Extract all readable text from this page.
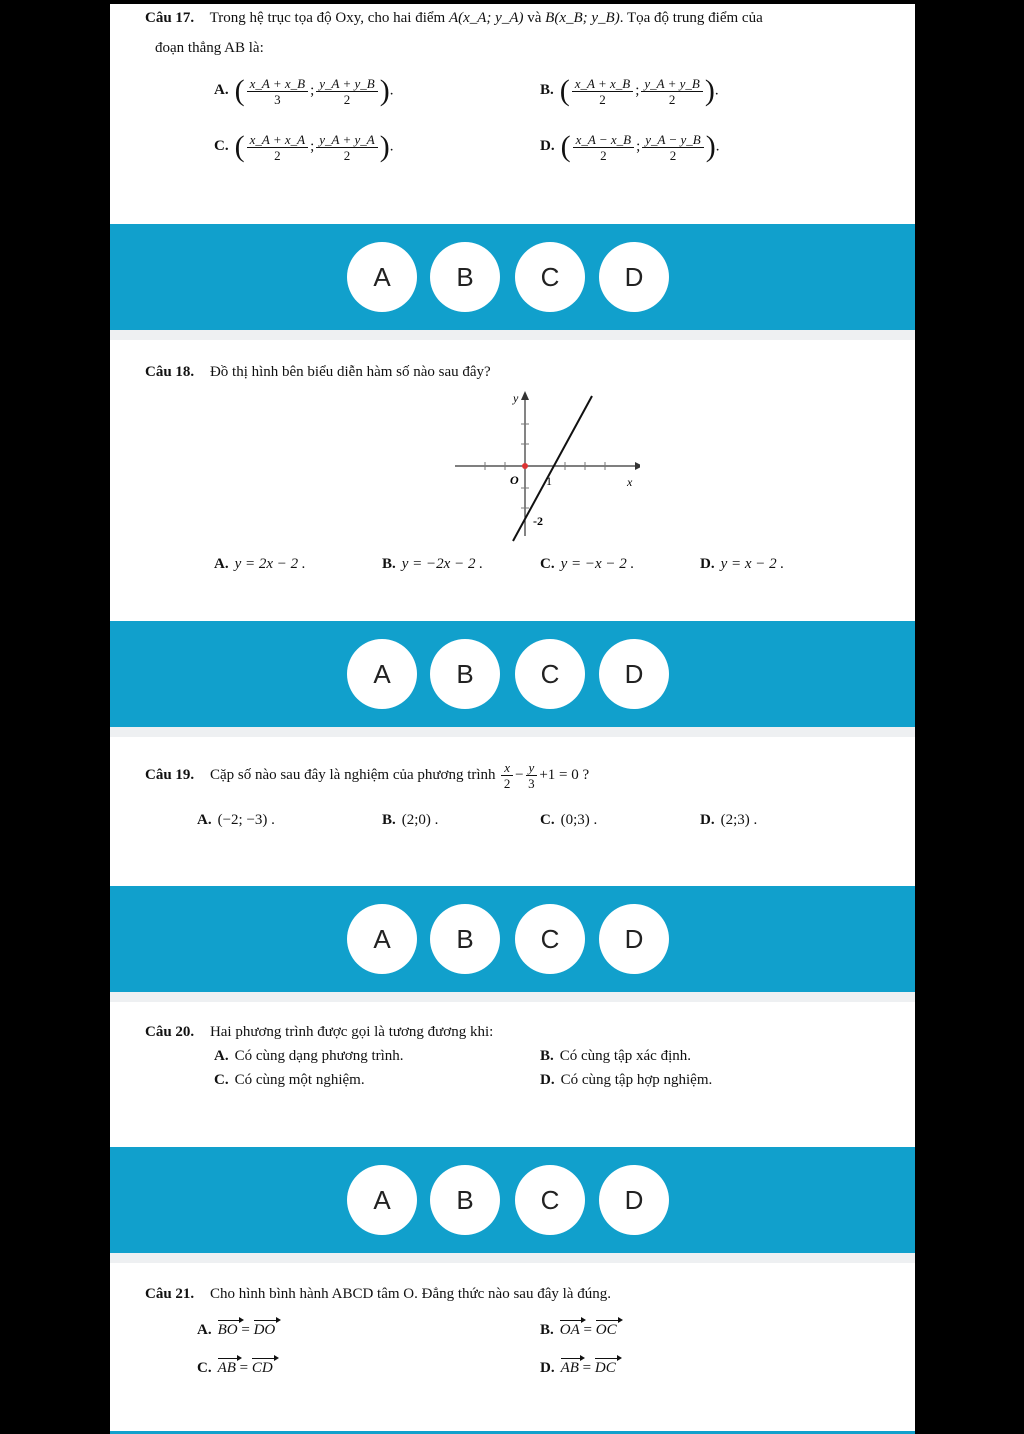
Câu 17. Trong hệ trục tọa độ Oxy, cho hai điểm A(x_A; y_A) và B(x_B; y_B). Tọa độ trung điểm của
đoạn thẳng AB là:
A. ( $\frac{x\_A + x\_B}{3}$ ; $\frac{y\_A + y\_B}{2}$ ).	B. ( $\frac{x\_A + x\_B}{2}$ ; $\frac{y\_A + y\_B}{2}$ ).
C. ( $\frac{x\_A + x\_A}{2}$ ; $\frac{y\_A + y\_A}{2}$ ).	D. ( $\frac{x\_A - x\_B}{2}$ ; $\frac{y\_A - y\_B}{2}$ ).
A	B	C	D
Câu 18. Đồ thị hình bên biểu diễn hàm số nào sau đây?
y
x
O 1
-2
A. y = 2x − 2 .	B. y = −2x − 2 .	C. y = −x − 2 .	D. y = x − 2 .
A	B	C	D
Câu 19. Cặp số nào sau đây là nghiệm của phương trình $\frac{x}{2} - \frac{y}{3} +1 = 0$ ?
A. (−2; −3) .	B. (2;0) .	C. (0;3) .	D. (2;3) .
A	B	C	D
Câu 20. Hai phương trình được gọi là tương đương khi:
A. Có cùng dạng phương trình.	B. Có cùng tập xác định.
C. Có cùng một nghiệm.	D. Có cùng tập hợp nghiệm.
A	B	C	D
Câu 21. Cho hình bình hành ABCD tâm O. Đẳng thức nào sau đây là đúng.
A. BO = DO	B. OA = OC
C. AB = CD	D. AB = DC
